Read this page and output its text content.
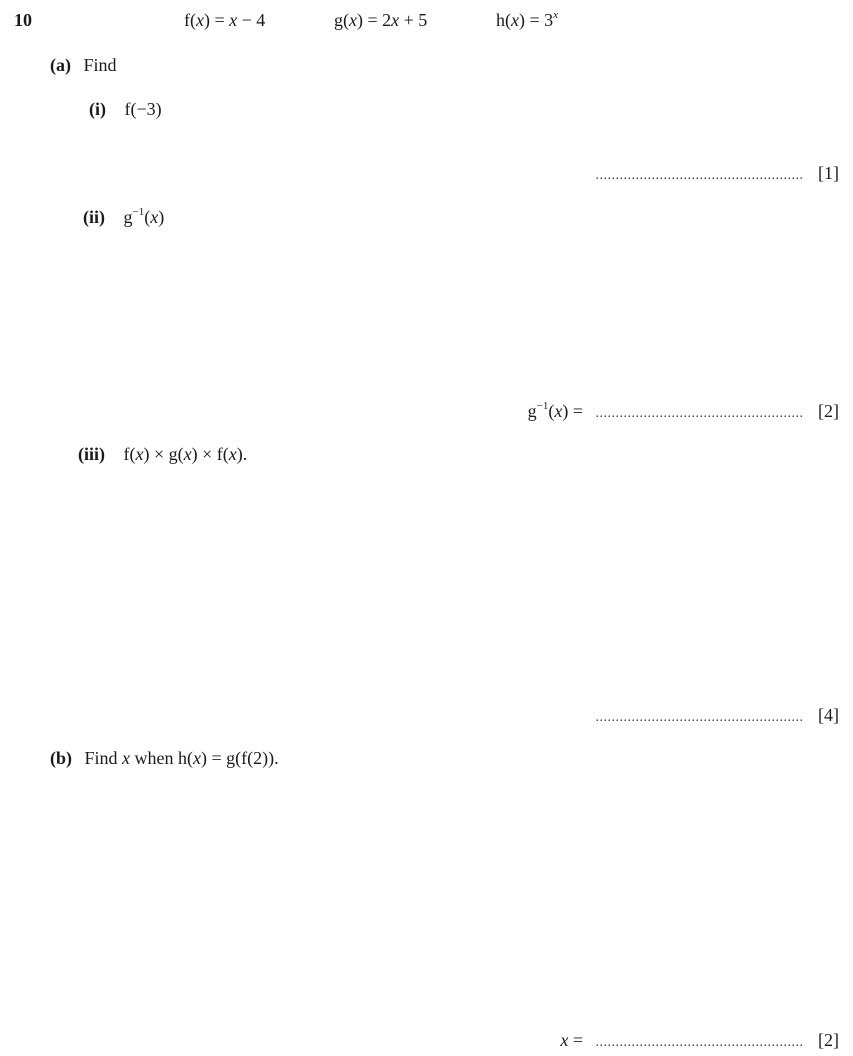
10	f(x) = x − 4	g(x) = 2x + 5	$h(x) = 3^x$
(a) Find
(i) f(−3)
.................................................... [1]
(ii) $g^{-1}(x)$
$g^{-1}(x)$ = .................................................... [2]
(iii) f(x) × g(x) × f(x).
.................................................... [4]
(b) Find x when h(x) = g(f(2)).
x = .................................................... [2]
